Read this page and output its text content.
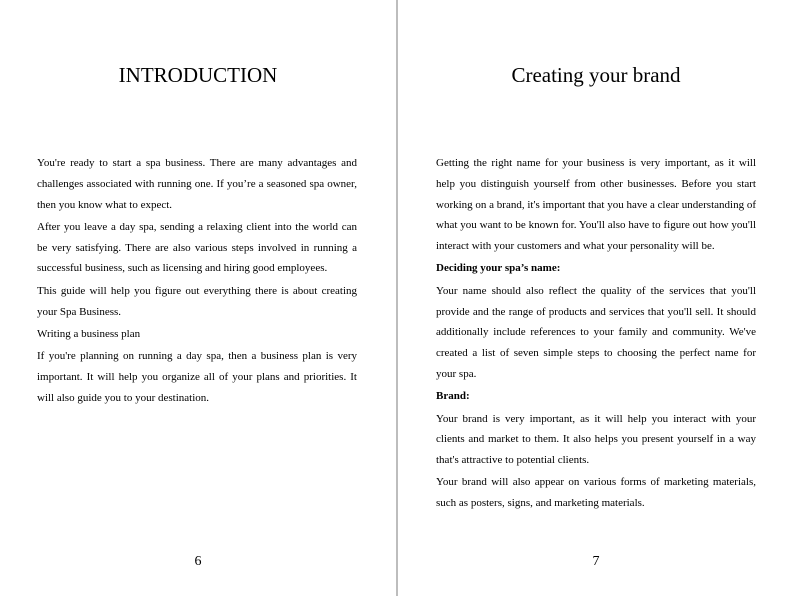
INTRODUCTION

You're ready to start a spa business. There are many advantages and challenges associated with running one. If you’re a seasoned spa owner, then you know what to expect.

After you leave a day spa, sending a relaxing client into the world can be very satisfying. There are also various steps involved in running a successful business, such as licensing and hiring good employees.

This guide will help you figure out everything there is about creating your Spa Business.

Writing a business plan

If you're planning on running a day spa, then a business plan is very important. It will help you organize all of your plans and priorities. It will also guide you to your destination.

6
Creating your brand

Getting the right name for your business is very important, as it will help you distinguish yourself from other businesses. Before you start working on a brand, it's important that you have a clear understanding of what you want to be known for. You'll also have to figure out how you'll interact with your customers and what your personality will be.

Deciding your spa’s name:

Your name should also reflect the quality of the services that you'll provide and the range of products and services that you'll sell. It should additionally include references to your family and community. We've created a list of seven simple steps to choosing the perfect name for your spa.

Brand:

Your brand is very important, as it will help you interact with your clients and market to them. It also helps you present yourself in a way that's attractive to potential clients.

Your brand will also appear on various forms of marketing materials, such as posters, signs, and marketing materials.

7
